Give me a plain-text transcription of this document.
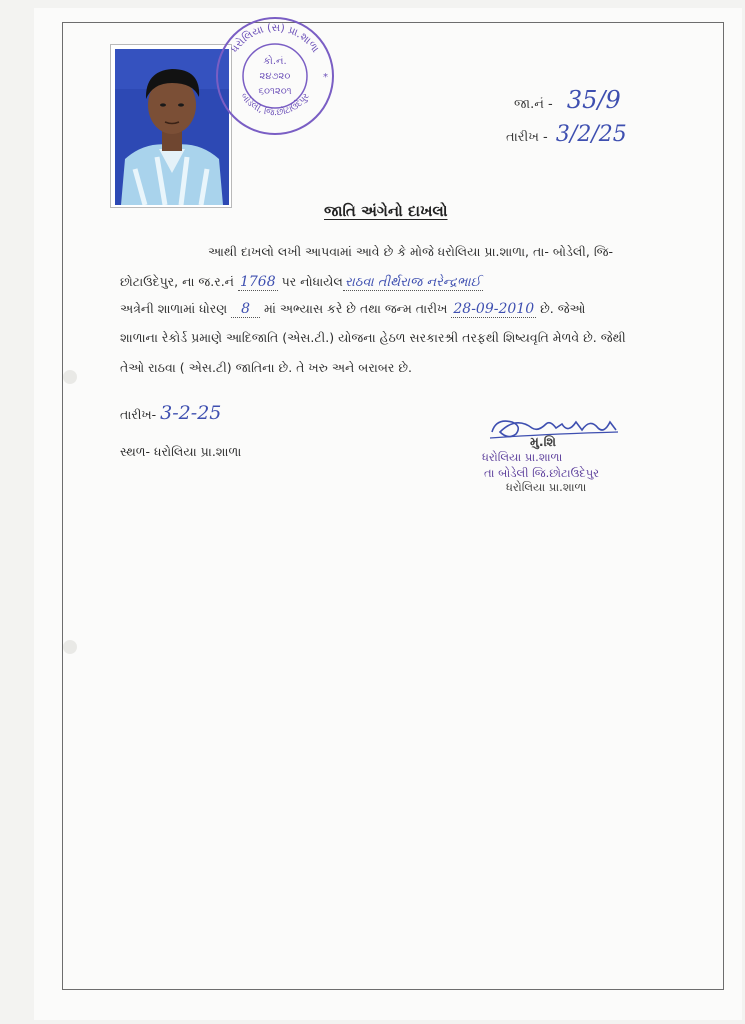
ધરોલિયા (સ) પ્રા.શાળા
બોડેલી, જિ.છોટાઉદેપુર
કો.નં.
૨૪૭૨૦
૬૦૧૨૦૧
*
જા.નં - 35/9
તારીખ - 3/2/25
જાતિ અંગેનો દાખલો
આથી દાખલો લખી આપવામાં આવે છે કે મોજે ધરોલિયા પ્રા.શાળા, તા- બોડેલી, જિ-
છોટાઉદેપુર, ના જ.ર.નં 1768 પર નોધાયેલ રાઠવા તીર્થરાજ નરેન્દ્રભાઈ
અત્રેની શાળામાં ધોરણ 8 માં અભ્યાસ કરે છે તથા જન્મ તારીખ 28-09-2010 છે. જેઓ
શાળાના રેકોર્ડ પ્રમાણે આદિજાતિ (એસ.ટી.) યોજના હેઠળ સરકારશ્રી તરફથી શિષ્યવૃતિ મેળવે છે. જેથી
તેઓ રાઠવા ( એસ.ટી) જાતિના છે. તે ખરુ અને બરાબર છે.
તારીખ- 3-2-25
સ્થળ- ધરોલિયા પ્રા.શાળા
મુ.શિ
ધરોલિયા પ્રા.શાળા
તા બોડેલી જિ.છોટાઉદેપુર
ધરોલિયા પ્રા.શાળા
